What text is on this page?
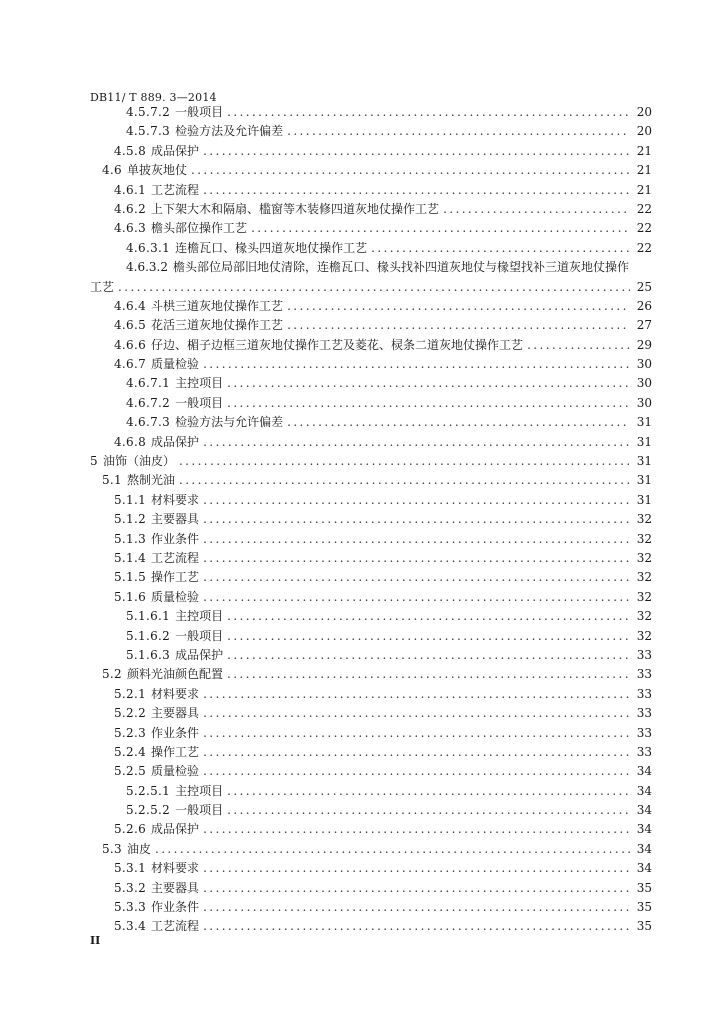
DB11/ T 889. 3—2014
4.5.7.2 一般项目 .....	20
4.5.7.3 检验方法及允许偏差 .....	20
4.5.8 成品保护 .....	21
4.6 单披灰地仗 .....	21
4.6.1 工艺流程 .....	21
4.6.2 上下架大木和隔扇、槛窗等木装修四道灰地仗操作工艺 .....	22
4.6.3 檐头部位操作工艺 .....	22
4.6.3.1 连檐瓦口、椽头四道灰地仗操作工艺 .....	22
4.6.3.2 檐头部位局部旧地仗清除，连檐瓦口、椽头找补四道灰地仗与椽望找补三道灰地仗操作
工艺 .....	25
4.6.4 斗栱三道灰地仗操作工艺 .....	26
4.6.5 花活三道灰地仗操作工艺 .....	27
4.6.6 仔边、楣子边框三道灰地仗操作工艺及菱花、棂条二道灰地仗操作工艺 .....	29
4.6.7 质量检验 .....	30
4.6.7.1 主控项目 .....	30
4.6.7.2 一般项目 .....	30
4.6.7.3 检验方法与允许偏差 .....	31
4.6.8 成品保护 .....	31
5 油饰（油皮） .....	31
5.1 熬制光油 .....	31
5.1.1 材料要求 .....	31
5.1.2 主要器具 .....	32
5.1.3 作业条件 .....	32
5.1.4 工艺流程 .....	32
5.1.5 操作工艺 .....	32
5.1.6 质量检验 .....	32
5.1.6.1 主控项目 .....	32
5.1.6.2 一般项目 .....	32
5.1.6.3 成品保护 .....	33
5.2 颜料光油颜色配置 .....	33
5.2.1 材料要求 .....	33
5.2.2 主要器具 .....	33
5.2.3 作业条件 .....	33
5.2.4 操作工艺 .....	33
5.2.5 质量检验 .....	34
5.2.5.1 主控项目 .....	34
5.2.5.2 一般项目 .....	34
5.2.6 成品保护 .....	34
5.3 油皮 .....	34
5.3.1 材料要求 .....	34
5.3.2 主要器具 .....	35
5.3.3 作业条件 .....	35
5.3.4 工艺流程 .....	35
II
